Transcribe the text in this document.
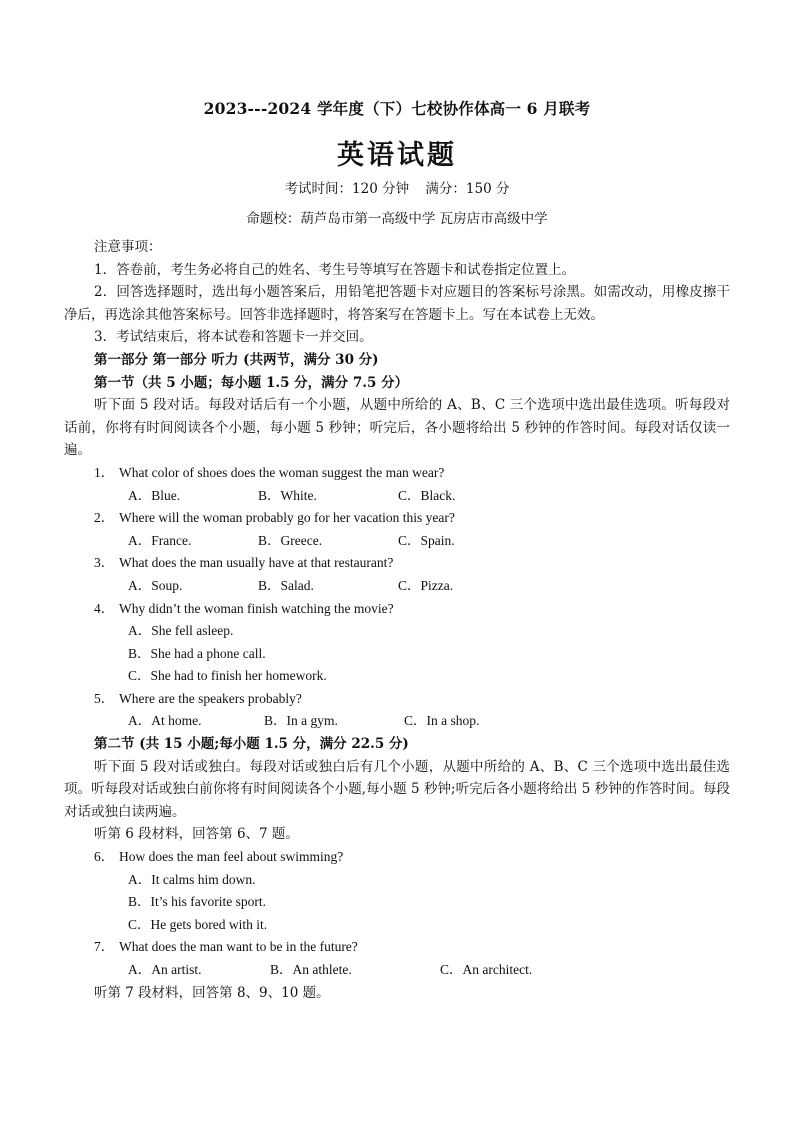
2023---2024 学年度（下）七校协作体高一 6 月联考
英语试题
考试时间：120 分钟 满分：150 分
命题校：葫芦岛市第一高级中学 瓦房店市高级中学
注意事项：
1．答卷前，考生务必将自己的姓名、考生号等填写在答题卡和试卷指定位置上。
2．回答选择题时，选出每小题答案后，用铅笔把答题卡对应题目的答案标号涂黑。如需改动，用橡皮擦干净后，再选涂其他答案标号。回答非选择题时，将答案写在答题卡上。写在本试卷上无效。
3．考试结束后，将本试卷和答题卡一并交回。
第一部分 第一部分 听力 (共两节，满分 30 分)
第一节（共 5 小题；每小题 1.5 分，满分 7.5 分）
听下面 5 段对话。每段对话后有一个小题，从题中所给的 A、B、C 三个选项中选出最佳选项。听每段对话前，你将有时间阅读各个小题，每小题 5 秒钟；听完后，各小题将给出 5 秒钟的作答时间。每段对话仅读一遍。
1． What color of shoes does the woman suggest the man wear?
A．Blue.	B．White.	C．Black.
2． Where will the woman probably go for her vacation this year?
A．France.	B．Greece.	C．Spain.
3． What does the man usually have at that restaurant?
A．Soup.	B．Salad.	C．Pizza.
4． Why didn’t the woman finish watching the movie?
A．She fell asleep.
B．She had a phone call.
C．She had to finish her homework.
5． Where are the speakers probably?
A．At home.	B．In a gym.	C．In a shop.
第二节 (共 15 小题;每小题 1.5 分，满分 22.5 分)
听下面 5 段对话或独白。每段对话或独白后有几个小题，从题中所给的 A、B、C 三个选项中选出最佳选项。听每段对话或独白前你将有时间阅读各个小题,每小题 5 秒钟;听完后各小题将给出 5 秒钟的作答时间。每段对话或独白读两遍。
听第 6 段材料，回答第 6、7 题。
6． How does the man feel about swimming?
A．It calms him down.
B．It’s his favorite sport.
C．He gets bored with it.
7． What does the man want to be in the future?
A．An artist.	B．An athlete.	C．An architect.
听第 7 段材料，回答第 8、9、10 题。
